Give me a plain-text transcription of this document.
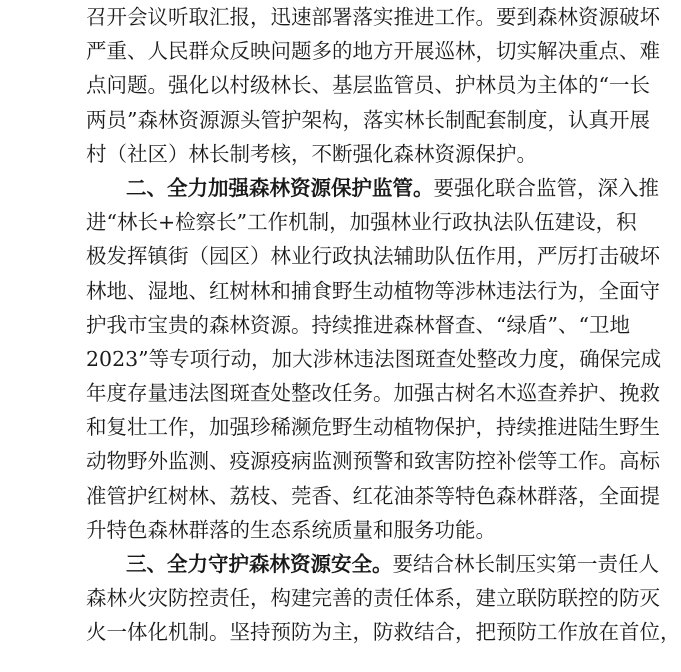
召开会议听取汇报，迅速部署落实推进工作。要到森林资源破坏
严重、人民群众反映问题多的地方开展巡林，切实解决重点、难
点问题。强化以村级林长、基层监管员、护林员为主体的“一长
两员”森林资源源头管护架构，落实林长制配套制度，认真开展
村（社区）林长制考核，不断强化森林资源保护。
二、全力加强森林资源保护监管。要强化联合监管，深入推
进“林长+检察长”工作机制，加强林业行政执法队伍建设，积
极发挥镇街（园区）林业行政执法辅助队伍作用，严厉打击破坏
林地、湿地、红树林和捕食野生动植物等涉林违法行为，全面守
护我市宝贵的森林资源。持续推进森林督查、“绿盾”、“卫地
2023”等专项行动，加大涉林违法图斑查处整改力度，确保完成
年度存量违法图斑查处整改任务。加强古树名木巡查养护、挽救
和复壮工作，加强珍稀濒危野生动植物保护，持续推进陆生野生
动物野外监测、疫源疫病监测预警和致害防控补偿等工作。高标
准管护红树林、荔枝、莞香、红花油茶等特色森林群落，全面提
升特色森林群落的生态系统质量和服务功能。
三、全力守护森林资源安全。要结合林长制压实第一责任人
森林火灾防控责任，构建完善的责任体系，建立联防联控的防灭
火一体化机制。坚持预防为主，防救结合，把预防工作放在首位，
